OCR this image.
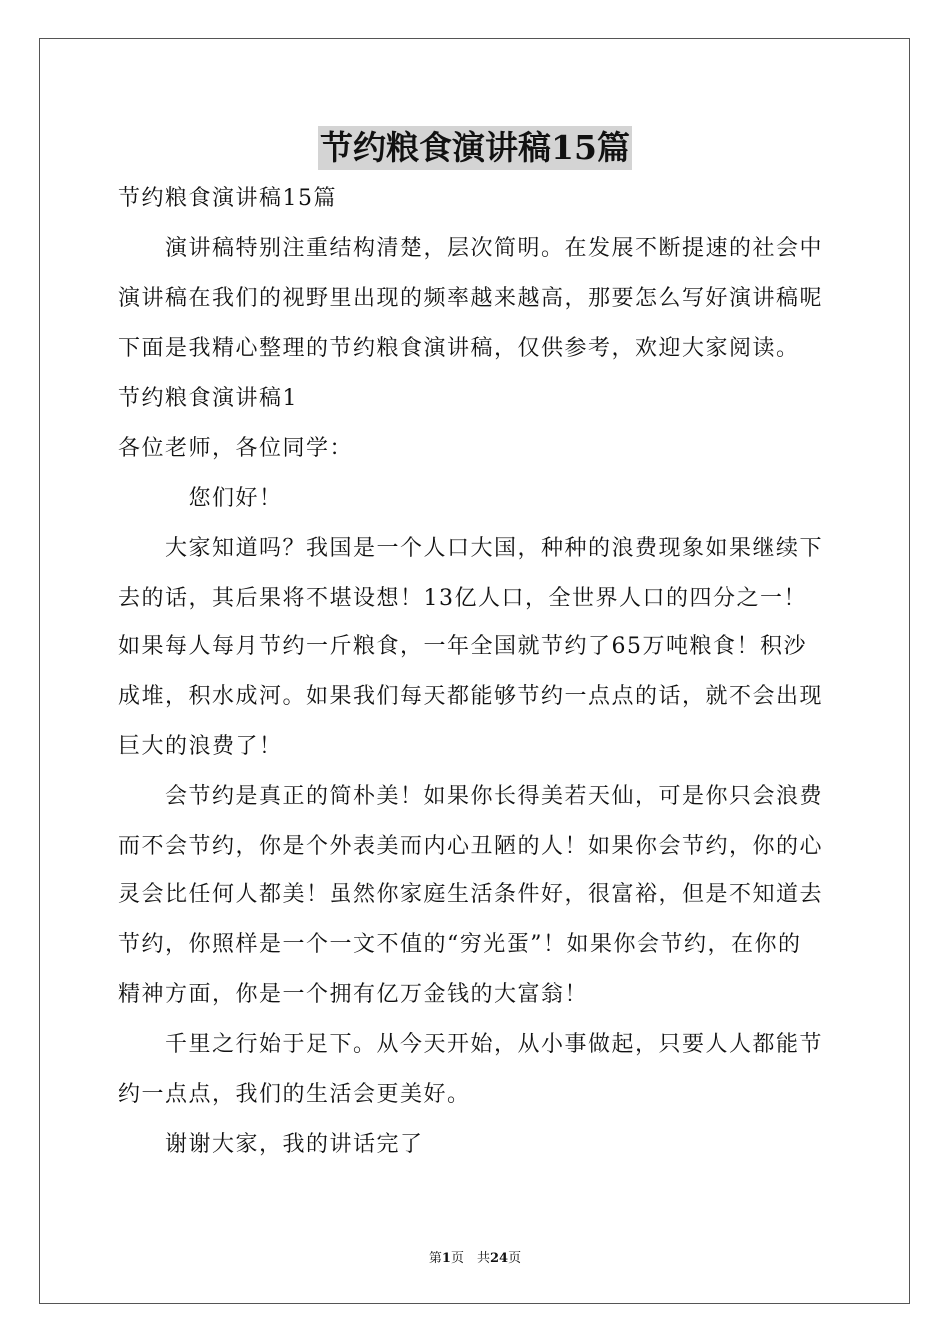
节约粮食演讲稿15篇
节约粮食演讲稿15篇
　　演讲稿特别注重结构清楚，层次简明。在发展不断提速的社会中
演讲稿在我们的视野里出现的频率越来越高，那要怎么写好演讲稿呢
下面是我精心整理的节约粮食演讲稿，仅供参考，欢迎大家阅读。
节约粮食演讲稿1
各位老师，各位同学：
　　　您们好！
　　大家知道吗？我国是一个人口大国，种种的浪费现象如果继续下
去的话，其后果将不堪设想！13亿人口，全世界人口的四分之一！
如果每人每月节约一斤粮食，一年全国就节约了65万吨粮食！积沙
成堆，积水成河。如果我们每天都能够节约一点点的话，就不会出现
巨大的浪费了！
　　会节约是真正的简朴美！如果你长得美若天仙，可是你只会浪费
而不会节约，你是个外表美而内心丑陋的人！如果你会节约，你的心
灵会比任何人都美！虽然你家庭生活条件好，很富裕，但是不知道去
节约，你照样是一个一文不值的“穷光蛋”！如果你会节约，在你的
精神方面，你是一个拥有亿万金钱的大富翁！
　　千里之行始于足下。从今天开始，从小事做起，只要人人都能节
约一点点，我们的生活会更美好。
　　谢谢大家，我的讲话完了
第1页　共24页
